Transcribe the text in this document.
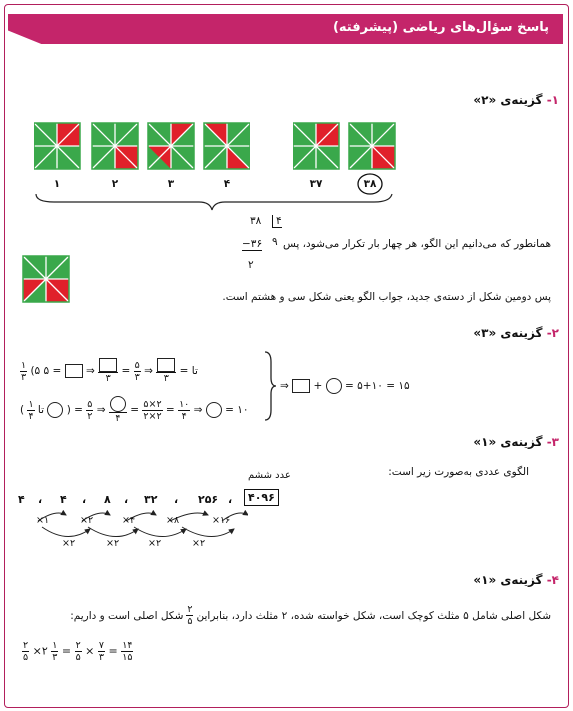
پاسخ سؤال‌های ریاضی (پیشرفته)
۱- گزینه‌ی «۲»
۱	۲	۳	۴	۳۷	۳۸
۳۸	۴
۹
−۳۶
۲
همانطور که می‌دانیم این الگو، هر چهار بار تکرار می‌شود، پس
پس دومین شکل از دسته‌ی جدید، جواب الگو یعنی شکل سی و هشتم است.
۲- گزینه‌ی «۳»
$\frac{۱}{۳}$ (۵ تا =
۳
⇒
$\frac{۵}{۳}$
=
۳
⇒  = ۵
( $\frac{۱}{۴}$ تا ) = $\frac{۵}{۲}$ ⇒
۴
= $\frac{۵\times ۲}{۲\times ۲} = \frac{۱۰}{۴}$ ⇒ = ۱۰
⇒ + = ۵+۱۰ = ۱۵
۳- گزینه‌ی «۱»
الگوی عددی به‌صورت زیر است:
عدد ششم
۴ ، ۴ ، ۸ ، ۳۲ ، ۲۵۶ ،	۴۰۹۶
×۱	×۲	×۴	×۸	×۱۶
×۲	×۲	×۲	×۲
۴- گزینه‌ی «۱»
شکل اصلی شامل ۵ مثلث کوچک است، شکل خواسته شده، ۲ مثلث دارد، بنابراین
$\frac{۲}{۵}$
شکل اصلی است و داریم:
$\frac{۲}{۵}$ ×۲ $\frac{۱}{۳} = \frac{۲}{۵} \times \frac{۷}{۳} = \frac{۱۴}{۱۵}$
